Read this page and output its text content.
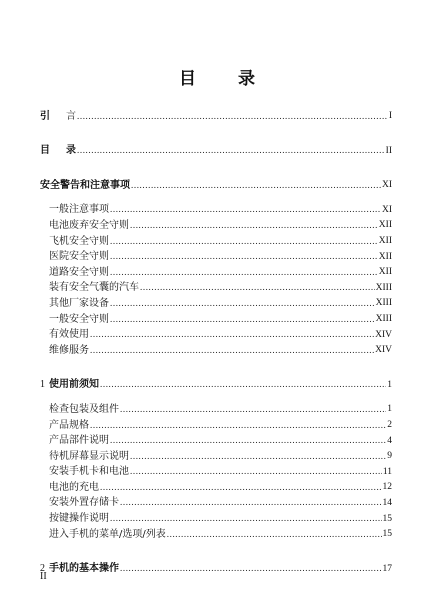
目 录
引 言 .....	I
目 录 .....	II
安全警告和注意事项 .....	XI
一般注意事项 .....	XI
电池废弃安全守则 .....	XII
飞机安全守则 .....	XII
医院安全守则 .....	XII
道路安全守则 .....	XII
装有安全气囊的汽车 .....	XIII
其他厂家设备 .....	XIII
一般安全守则 .....	XIII
有效使用 .....	XIV
维修服务 .....	XIV
1 使用前须知 .....	1
检查包装及组件 .....	1
产品规格 .....	2
产品部件说明 .....	4
待机屏幕显示说明 .....	9
安装手机卡和电池 .....	11
电池的充电 .....	12
安装外置存储卡 .....	14
按键操作说明 .....	15
进入手机的菜单/选项/列表 .....	15
2 手机的基本操作 .....	17
II
